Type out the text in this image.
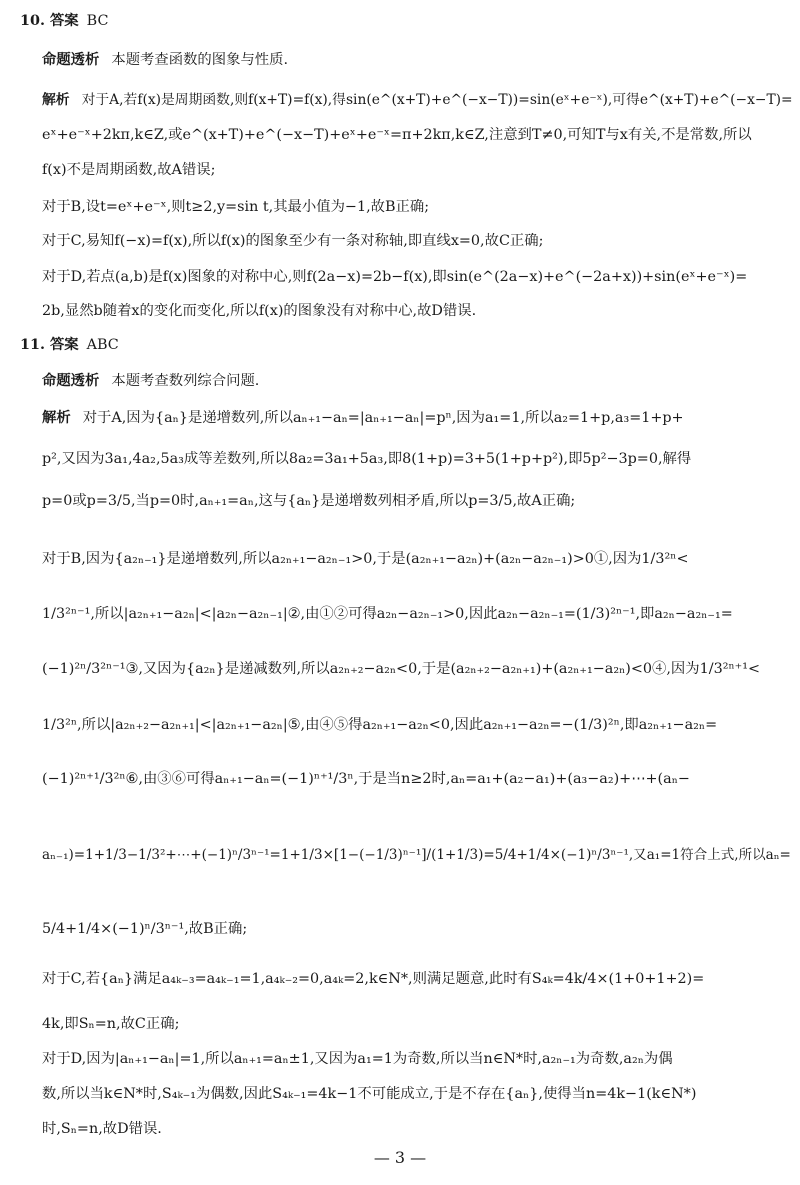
10. 答案 BC
命题透析 本题考查函数的图象与性质.
解析 对于A,若f(x)是周期函数,则f(x+T)=f(x),得sin(e^(x+T)+e^(−x−T))=sin(eˣ+e⁻ˣ),可得e^(x+T)+e^(−x−T)=
eˣ+e⁻ˣ+2kπ,k∈Z,或e^(x+T)+e^(−x−T)+eˣ+e⁻ˣ=π+2kπ,k∈Z,注意到T≠0,可知T与x有关,不是常数,所以
f(x)不是周期函数,故A错误;
对于B,设t=eˣ+e⁻ˣ,则t≥2,y=sin t,其最小值为−1,故B正确;
对于C,易知f(−x)=f(x),所以f(x)的图象至少有一条对称轴,即直线x=0,故C正确;
对于D,若点(a,b)是f(x)图象的对称中心,则f(2a−x)=2b−f(x),即sin(e^(2a−x)+e^(−2a+x))+sin(eˣ+e⁻ˣ)=
2b,显然b随着x的变化而变化,所以f(x)的图象没有对称中心,故D错误.
11. 答案 ABC
命题透析 本题考查数列综合问题.
解析 对于A,因为{aₙ}是递增数列,所以aₙ₊₁−aₙ=|aₙ₊₁−aₙ|=pⁿ,因为a₁=1,所以a₂=1+p,a₃=1+p+
p²,又因为3a₁,4a₂,5a₃成等差数列,所以8a₂=3a₁+5a₃,即8(1+p)=3+5(1+p+p²),即5p²−3p=0,解得
p=0或p=3/5,当p=0时,aₙ₊₁=aₙ,这与{aₙ}是递增数列相矛盾,所以p=3/5,故A正确;
对于B,因为{a₂ₙ₋₁}是递增数列,所以a₂ₙ₊₁−a₂ₙ₋₁>0,于是(a₂ₙ₊₁−a₂ₙ)+(a₂ₙ−a₂ₙ₋₁)>0①,因为1/3²ⁿ<
1/3²ⁿ⁻¹,所以|a₂ₙ₊₁−a₂ₙ|<|a₂ₙ−a₂ₙ₋₁|②,由①②可得a₂ₙ−a₂ₙ₋₁>0,因此a₂ₙ−a₂ₙ₋₁=(1/3)²ⁿ⁻¹,即a₂ₙ−a₂ₙ₋₁=
(−1)²ⁿ/3²ⁿ⁻¹③,又因为{a₂ₙ}是递减数列,所以a₂ₙ₊₂−a₂ₙ<0,于是(a₂ₙ₊₂−a₂ₙ₊₁)+(a₂ₙ₊₁−a₂ₙ)<0④,因为1/3²ⁿ⁺¹<
1/3²ⁿ,所以|a₂ₙ₊₂−a₂ₙ₊₁|<|a₂ₙ₊₁−a₂ₙ|⑤,由④⑤得a₂ₙ₊₁−a₂ₙ<0,因此a₂ₙ₊₁−a₂ₙ=−(1/3)²ⁿ,即a₂ₙ₊₁−a₂ₙ=
(−1)²ⁿ⁺¹/3²ⁿ⑥,由③⑥可得aₙ₊₁−aₙ=(−1)ⁿ⁺¹/3ⁿ,于是当n≥2时,aₙ=a₁+(a₂−a₁)+(a₃−a₂)+⋯+(aₙ−
aₙ₋₁)=1+1/3−1/3²+⋯+(−1)ⁿ/3ⁿ⁻¹=1+1/3×[1−(−1/3)ⁿ⁻¹]/(1+1/3)=5/4+1/4×(−1)ⁿ/3ⁿ⁻¹,又a₁=1符合上式,所以aₙ=
5/4+1/4×(−1)ⁿ/3ⁿ⁻¹,故B正确;
对于C,若{aₙ}满足a₄ₖ₋₃=a₄ₖ₋₁=1,a₄ₖ₋₂=0,a₄ₖ=2,k∈N*,则满足题意,此时有S₄ₖ=4k/4×(1+0+1+2)=
4k,即Sₙ=n,故C正确;
对于D,因为|aₙ₊₁−aₙ|=1,所以aₙ₊₁=aₙ±1,又因为a₁=1为奇数,所以当n∈N*时,a₂ₙ₋₁为奇数,a₂ₙ为偶
数,所以当k∈N*时,S₄ₖ₋₁为偶数,因此S₄ₖ₋₁=4k−1不可能成立,于是不存在{aₙ},使得当n=4k−1(k∈N*)
时,Sₙ=n,故D错误.
— 3 —
